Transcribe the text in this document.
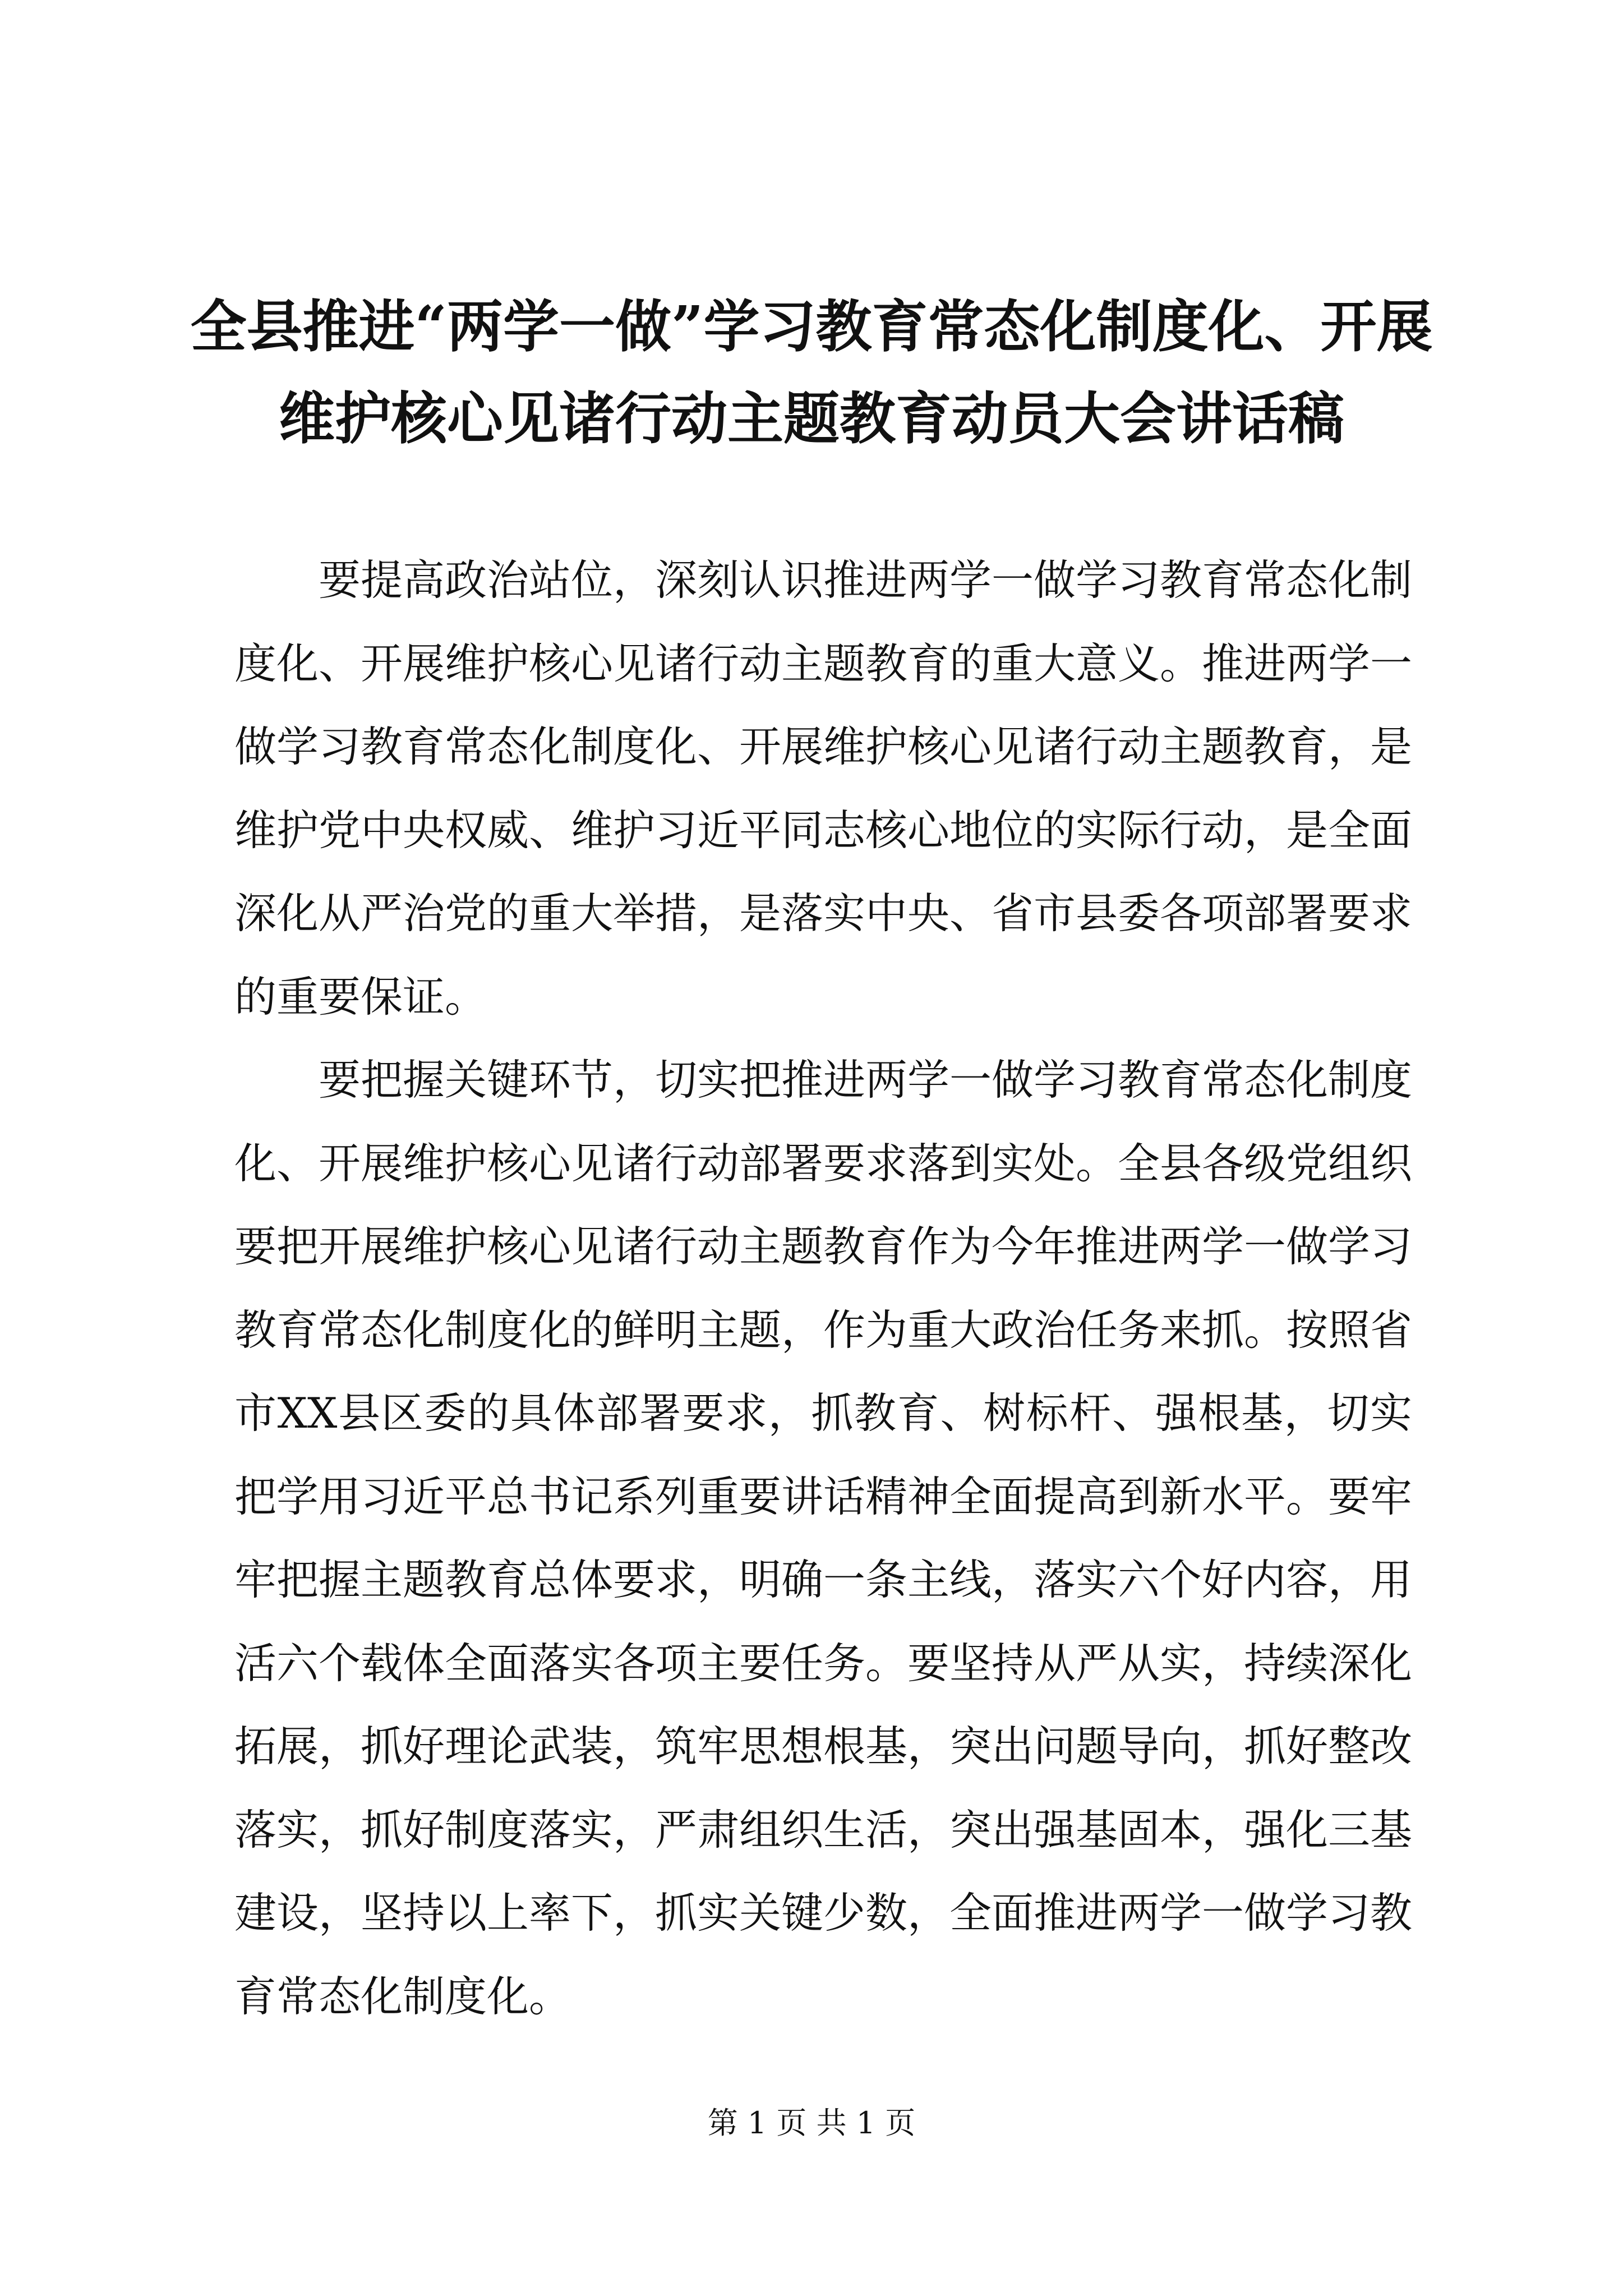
全县推进“两学一做”学习教育常态化制度化、开展维护核心见诸行动主题教育动员大会讲话稿

要提高政治站位，深刻认识推进两学一做学习教育常态化制度化、开展维护核心见诸行动主题教育的重大意义。推进两学一做学习教育常态化制度化、开展维护核心见诸行动主题教育，是维护党中央权威、维护习近平同志核心地位的实际行动，是全面深化从严治党的重大举措，是落实中央、省市县委各项部署要求的重要保证。

要把握关键环节，切实把推进两学一做学习教育常态化制度化、开展维护核心见诸行动部署要求落到实处。全县各级党组织要把开展维护核心见诸行动主题教育作为今年推进两学一做学习教育常态化制度化的鲜明主题，作为重大政治任务来抓。按照省市XX县区委的具体部署要求，抓教育、树标杆、强根基，切实把学用习近平总书记系列重要讲话精神全面提高到新水平。要牢牢把握主题教育总体要求，明确一条主线，落实六个好内容，用活六个载体全面落实各项主要任务。要坚持从严从实，持续深化拓展，抓好理论武装，筑牢思想根基，突出问题导向，抓好整改落实，抓好制度落实，严肃组织生活，突出强基固本，强化三基建设，坚持以上率下，抓实关键少数，全面推进两学一做学习教育常态化制度化。

第 1 页 共 1 页
